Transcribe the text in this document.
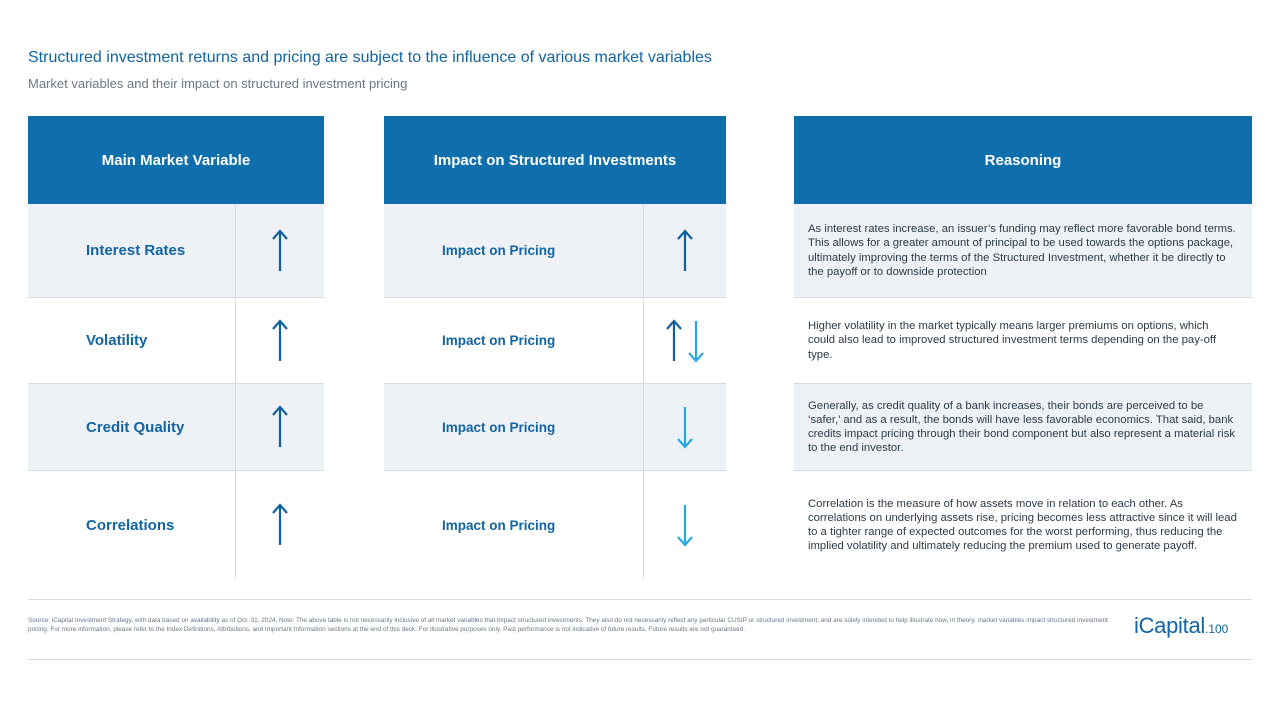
Structured investment returns and pricing are subject to the influence of various market variables
Market variables and their impact on structured investment pricing
Main Market Variable
Interest Rates
Volatility
Credit Quality
Correlations
Impact on Structured Investments
Impact on Pricing
Impact on Pricing
Impact on Pricing
Impact on Pricing
Reasoning
As interest rates increase, an issuer’s funding may reflect more favorable bond terms. This allows for a greater amount of principal to be used towards the options package, ultimately improving the terms of the Structured Investment, whether it be directly to the payoff or to downside protection
Higher volatility in the market typically means larger premiums on options, which could also lead to improved structured investment terms depending on the pay-off type.
Generally, as credit quality of a bank increases, their bonds are perceived to be ‘safer,’ and as a result, the bonds will have less favorable economics. That said, bank credits impact pricing through their bond component but also represent a material risk to the end investor.
Correlation is the measure of how assets move in relation to each other. As correlations on underlying assets rise, pricing becomes less attractive since it will lead to a tighter range of expected outcomes for the worst performing, thus reducing the implied volatility and ultimately reducing the premium used to generate payoff.
Source: iCapital Investment Strategy, with data based on availability as of Oct. 31, 2024. Note: The above table is not necessarily inclusive of all market variables that impact structured investments. They also do not necessarily reflect any particular CUSIP or structured investment, and are solely intended to help illustrate how, in theory, market variables impact structured investment pricing. For more information, please refer to the Index Definitions, Attributions, and Important Information sections at the end of this deck. For illustrative purposes only. Past performance is not indicative of future results. Future results are not guaranteed.	iCapital.100
